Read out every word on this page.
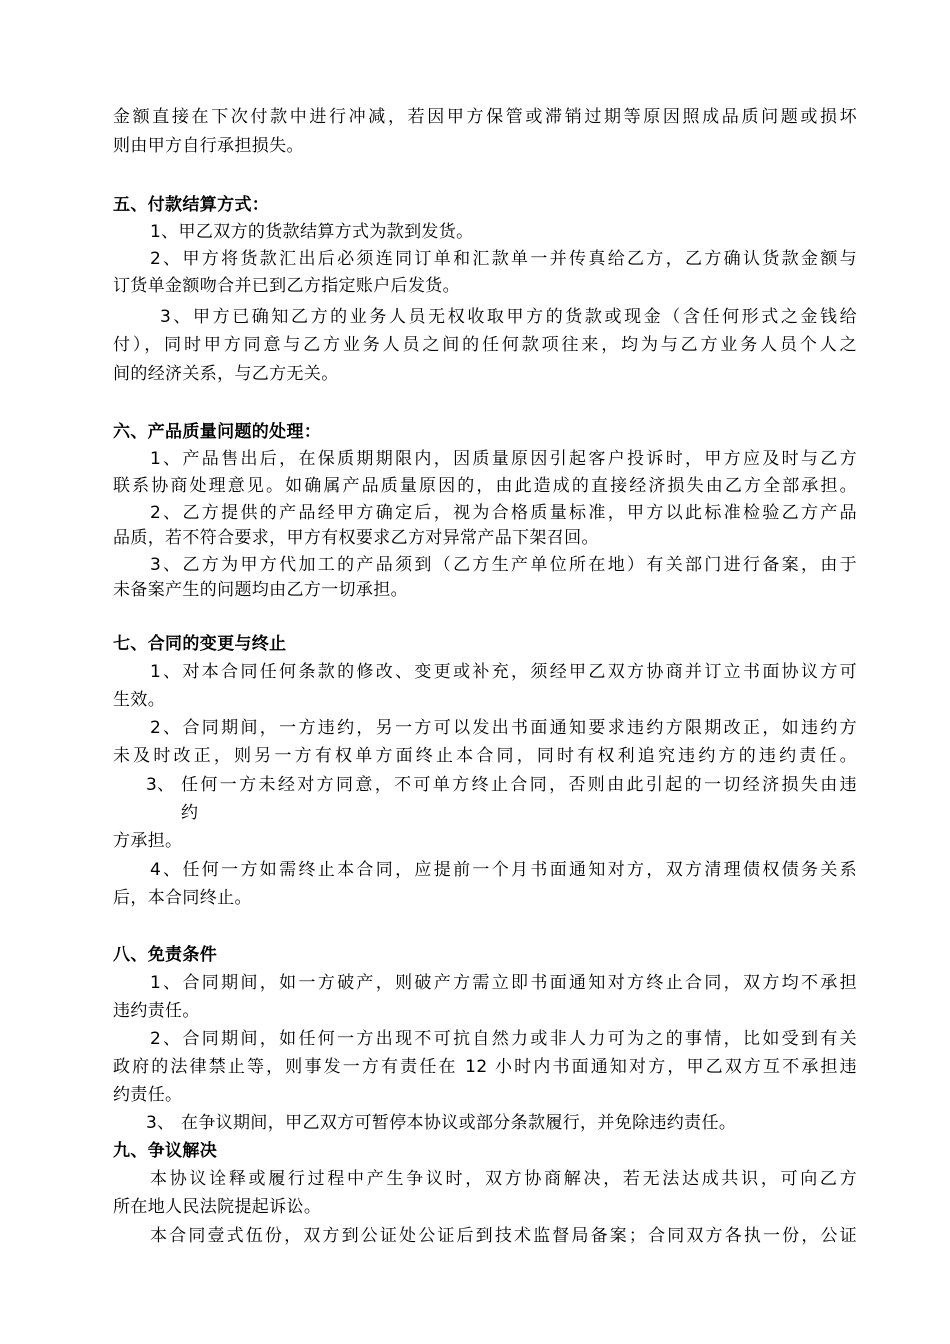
金额直接在下次付款中进行冲减，若因甲方保管或滞销过期等原因照成品质问题或损坏

则由甲方自行承担损失。

五、付款结算方式：

1、甲乙双方的货款结算方式为款到发货。

2、甲方将货款汇出后必须连同订单和汇款单一并传真给乙方，乙方确认货款金额与

订货单金额吻合并已到乙方指定账户后发货。

3、甲方已确知乙方的业务人员无权收取甲方的货款或现金（含任何形式之金钱给

付），同时甲方同意与乙方业务人员之间的任何款项往来，均为与乙方业务人员个人之

间的经济关系，与乙方无关。

六、产品质量问题的处理：

1、产品售出后，在保质期期限内，因质量原因引起客户投诉时，甲方应及时与乙方

联系协商处理意见。如确属产品质量原因的，由此造成的直接经济损失由乙方全部承担。

2、乙方提供的产品经甲方确定后，视为合格质量标准，甲方以此标准检验乙方产品

品质，若不符合要求，甲方有权要求乙方对异常产品下架召回。

3、乙方为甲方代加工的产品须到（乙方生产单位所在地）有关部门进行备案，由于

未备案产生的问题均由乙方一切承担。

七、合同的变更与终止

1、对本合同任何条款的修改、变更或补充，须经甲乙双方协商并订立书面协议方可

生效。

2、合同期间，一方违约，另一方可以发出书面通知要求违约方限期改正，如违约方

未及时改正，则另一方有权单方面终止本合同，同时有权利追究违约方的违约责任。

3、 任何一方未经对方同意，不可单方终止合同，否则由此引起的一切经济损失由违

约

方承担。

4、任何一方如需终止本合同，应提前一个月书面通知对方，双方清理债权债务关系

后，本合同终止。

八、免责条件

1、合同期间，如一方破产，则破产方需立即书面通知对方终止合同，双方均不承担

违约责任。

2、合同期间，如任何一方出现不可抗自然力或非人力可为之的事情，比如受到有关

政府的法律禁止等，则事发一方有责任在 12 小时内书面通知对方，甲乙双方互不承担违

约责任。

3、 在争议期间，甲乙双方可暂停本协议或部分条款履行，并免除违约责任。

九、争议解决

本协议诠释或履行过程中产生争议时，双方协商解决，若无法达成共识，可向乙方

所在地人民法院提起诉讼。

本合同壹式伍份，双方到公证处公证后到技术监督局备案；合同双方各执一份，公证
